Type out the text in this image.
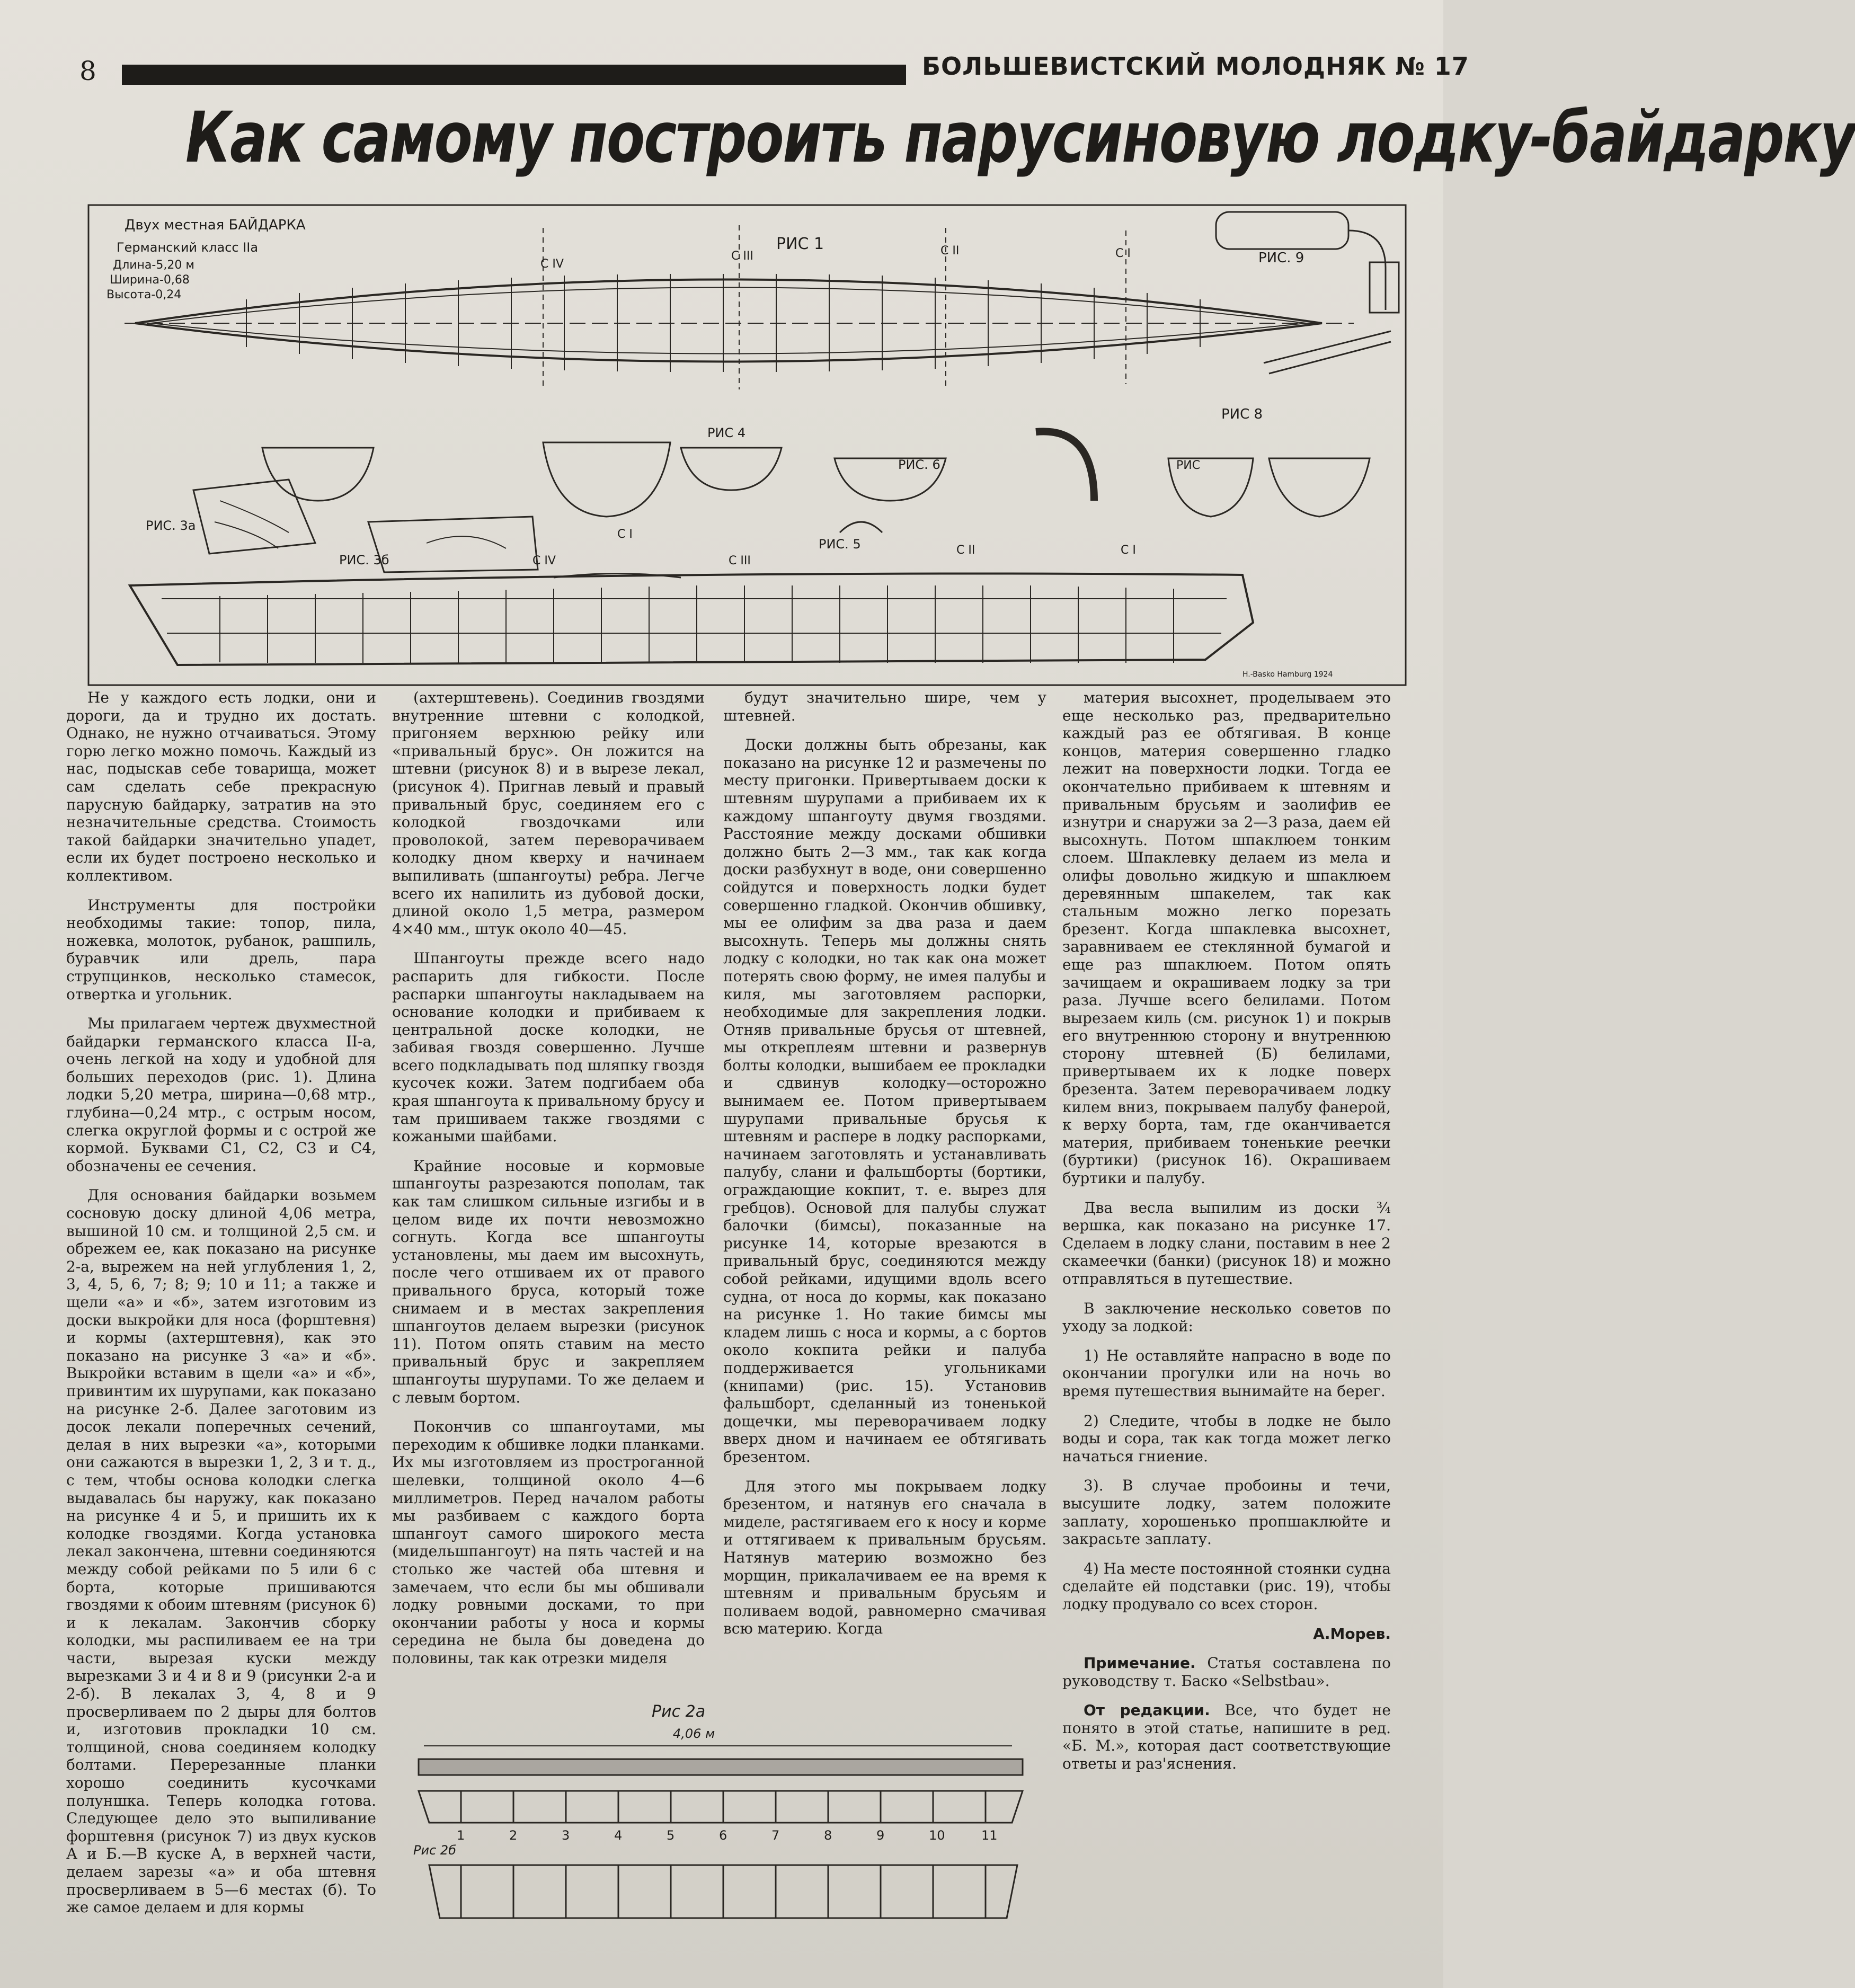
8	БОЛЬШЕВИСТСКИЙ МОЛОДНЯК № 17
Как самому построить парусиновую лодку-байдарку
Двух местная БАЙДАРКА
Германский класс IIа
Длина-5,20 м
Ширина-0,68
Высота-0,24
РИС 1
С IV
С III	С II	С I	РИС. 9
РИС 8
РИС. 3а
РИС. 3б
РИС 4
РИС. 6
РИС. 5
РИС
С I
С IV	С III
С II	С I
H.-Basko Hamburg 1924

Не у каждого есть лодки, они и дороги, да и трудно их достать. Однако, не нужно отчаиваться. Этому горю легко можно помочь. Каждый из нас, подыскав себе товарища, может сам сделать себе прекрасную парусную байдарку, затратив на это незначительные средства. Стоимость такой байдарки значительно упадет, если их будет построено несколько и коллективом.

Инструменты для постройки необходимы такие: топор, пила, ножевка, молоток, рубанок, рашпиль, буравчик или дрель, пара струпцинков, несколько стамесок, отвертка и угольник.

Мы прилагаем чертеж двухместной байдарки германского класса II-а, очень легкой на ходу и удобной для больших переходов (рис. 1). Длина лодки 5,20 метра, ширина—0,68 мтр., глубина—0,24 мтр., с острым носом, слегка округлой формы и с острой же кормой. Буквами С1, С2, С3 и С4, обозначены ее сечения.

Для основания байдарки возьмем сосновую доску длиной 4,06 метра, вышиной 10 см. и толщиной 2,5 см. и обрежем ее, как показано на рисунке 2-а, вырежем на ней углубления 1, 2, 3, 4, 5, 6, 7; 8; 9; 10 и 11; а также и щели «а» и «б», затем изготовим из доски выкройки для носа (форштевня) и кормы (ахтерштевня), как это показано на рисунке 3 «а» и «б». Выкройки вставим в щели «а» и «б», привинтим их шурупами, как показано на рисунке 2-б. Далее заготовим из досок лекали поперечных сечений, делая в них вырезки «а», которыми они сажаются в вырезки 1, 2, 3 и т. д., с тем, чтобы основа колодки слегка выдавалась бы наружу, как показано на рисунке 4 и 5, и пришить их к колодке гвоздями. Когда установка лекал закончена, штевни соединяются между собой рейками по 5 или 6 с борта, которые пришиваются гвоздями к обоим штевням (рисунок 6) и к лекалам. Закончив сборку колодки, мы распиливаем ее на три части, вырезая куски между вырезками 3 и 4 и 8 и 9 (рисунки 2-а и 2-б). В лекалах 3, 4, 8 и 9 просверливаем по 2 дыры для болтов и, изготовив прокладки 10 см. толщиной, снова соединяем колодку болтами. Перерезанные планки хорошо соединить кусочками полуншка. Теперь колодка готова. Следующее дело это выпиливание форштевня (рисунок 7) из двух кусков А и Б.—В куске А, в верхней части, делаем зарезы «а» и оба штевня просверливаем в 5—6 местах (б). То же самое делаем и для кормы

(ахтерштевень). Соединив гвоздями внутренние штевни с колодкой, пригоняем верхнюю рейку или «привальный брус». Он ложится на штевни (рисунок 8) и в вырезе лекал, (рисунок 4). Пригнав левый и правый привальный брус, соединяем его с колодкой гвоздочками или проволокой, затем переворачиваем колодку дном кверху и начинаем выпиливать (шпангоуты) ребра. Легче всего их напилить из дубовой доски, длиной около 1,5 метра, размером 4×40 мм., штук около 40—45.

Шпангоуты прежде всего надо распарить для гибкости. После распарки шпангоуты накладываем на основание колодки и прибиваем к центральной доске колодки, не забивая гвоздя совершенно. Лучше всего подкладывать под шляпку гвоздя кусочек кожи. Затем подгибаем оба края шпангоута к привальному брусу и там пришиваем также гвоздями с кожаными шайбами.

Крайние носовые и кормовые шпангоуты разрезаются пополам, так как там слишком сильные изгибы и в целом виде их почти невозможно согнуть. Когда все шпангоуты установлены, мы даем им высохнуть, после чего отшиваем их от правого привального бруса, который тоже снимаем и в местах закрепления шпангоутов делаем вырезки (рисунок 11). Потом опять ставим на место привальный брус и закрепляем шпангоуты шурупами. То же делаем и с левым бортом.

Покончив со шпангоутами, мы переходим к обшивке лодки планками. Их мы изготовляем из простроганной шелевки, толщиной около 4—6 миллиметров. Перед началом работы мы разбиваем с каждого борта шпангоут самого широкого места (мидельшпангоут) на пять частей и на столько же частей оба штевня и замечаем, что если бы мы обшивали лодку ровными досками, то при окончании работы у носа и кормы середина не была бы доведена до половины, так как отрезки миделя

будут значительно шире, чем у штевней.

Доски должны быть обрезаны, как показано на рисунке 12 и размечены по месту пригонки. Привертываем доски к штевням шурупами а прибиваем их к каждому шпангоуту двумя гвоздями. Расстояние между досками обшивки должно быть 2—3 мм., так как когда доски разбухнут в воде, они совершенно сойдутся и поверхность лодки будет совершенно гладкой. Окончив обшивку, мы ее олифим за два раза и даем высохнуть. Теперь мы должны снять лодку с колодки, но так как она может потерять свою форму, не имея палубы и киля, мы заготовляем распорки, необходимые для закрепления лодки. Отняв привальные брусья от штевней, мы откреплеям штевни и развернув болты колодки, вышибаем ее прокладки и сдвинув колодку—осторожно вынимаем ее. Потом привертываем шурупами привальные брусья к штевням и распере в лодку распорками, начинаем заготовлять и устанавливать палубу, слани и фальшборты (бортики, ограждающие кокпит, т. е. вырез для гребцов). Основой для палубы служат балочки (бимсы), показанные на рисунке 14, которые врезаются в привальный брус, соединяются между собой рейками, идущими вдоль всего судна, от носа до кормы, как показано на рисунке 1. Но такие бимсы мы кладем лишь с носа и кормы, а с бортов около кокпита рейки и палуба поддерживается угольниками (книпами) (рис. 15). Установив фальшборт, сделанный из тоненькой дощечки, мы переворачиваем лодку вверх дном и начинаем ее обтягивать брезентом.

Для этого мы покрываем лодку брезентом, и натянув его сначала в миделе, растягиваем его к носу и корме и оттягиваем к привальным брусьям. Натянув материю возможно без морщин, прикалачиваем ее на время к штевням и привальным брусьям и поливаем водой, равномерно смачивая всю материю. Когда

материя высохнет, проделываем это еще несколько раз, предварительно каждый раз ее обтягивая. В конце концов, материя совершенно гладко лежит на поверхности лодки. Тогда ее окончательно прибиваем к штевням и привальным брусьям и заолифив ее изнутри и снаружи за 2—3 раза, даем ей высохнуть. Потом шпаклюем тонким слоем. Шпаклевку делаем из мела и олифы довольно жидкую и шпаклюем деревянным шпакелем, так как стальным можно легко порезать брезент. Когда шпаклевка высохнет, заравниваем ее стеклянной бумагой и еще раз шпаклюем. Потом опять зачищаем и окрашиваем лодку за три раза. Лучше всего белилами. Потом вырезаем киль (см. рисунок 1) и покрыв его внутреннюю сторону и внутреннюю сторону штевней (Б) белилами, привертываем их к лодке поверх брезента. Затем переворачиваем лодку килем вниз, покрываем палубу фанерой, к верху борта, там, где оканчивается материя, прибиваем тоненькие реечки (буртики) (рисунок 16). Окрашиваем буртики и палубу.

Два весла выпилим из доски ¾ вершка, как показано на рисунке 17. Сделаем в лодку слани, поставим в нее 2 скамеечки (банки) (рисунок 18) и можно отправляться в путешествие.

В заключение несколько советов по уходу за лодкой:

1) Не оставляйте напрасно в воде по окончании прогулки или на ночь во время путешествия вынимайте на берег.

2) Следите, чтобы в лодке не было воды и сора, так как тогда может легко начаться гниение.

3). В случае пробоины и течи, высушите лодку, затем положите заплату, хорошенько пропшаклюйте и закрасьте заплату.

4) На месте постоянной стоянки судна сделайте ей подставки (рис. 19), чтобы лодку продувало со всех сторон.

А.Морев.

Примечание. Статья составлена по руководству т. Баско «Selbstbau».

От редакции. Все, что будет не понято в этой статье, напишите в ред. «Б. М.», которая даст соответствующие ответы и раз'яснения.

Рис 2а
4,06 м
Рис 2б
1	2	3	4	5	6	7	8	9	10	11
